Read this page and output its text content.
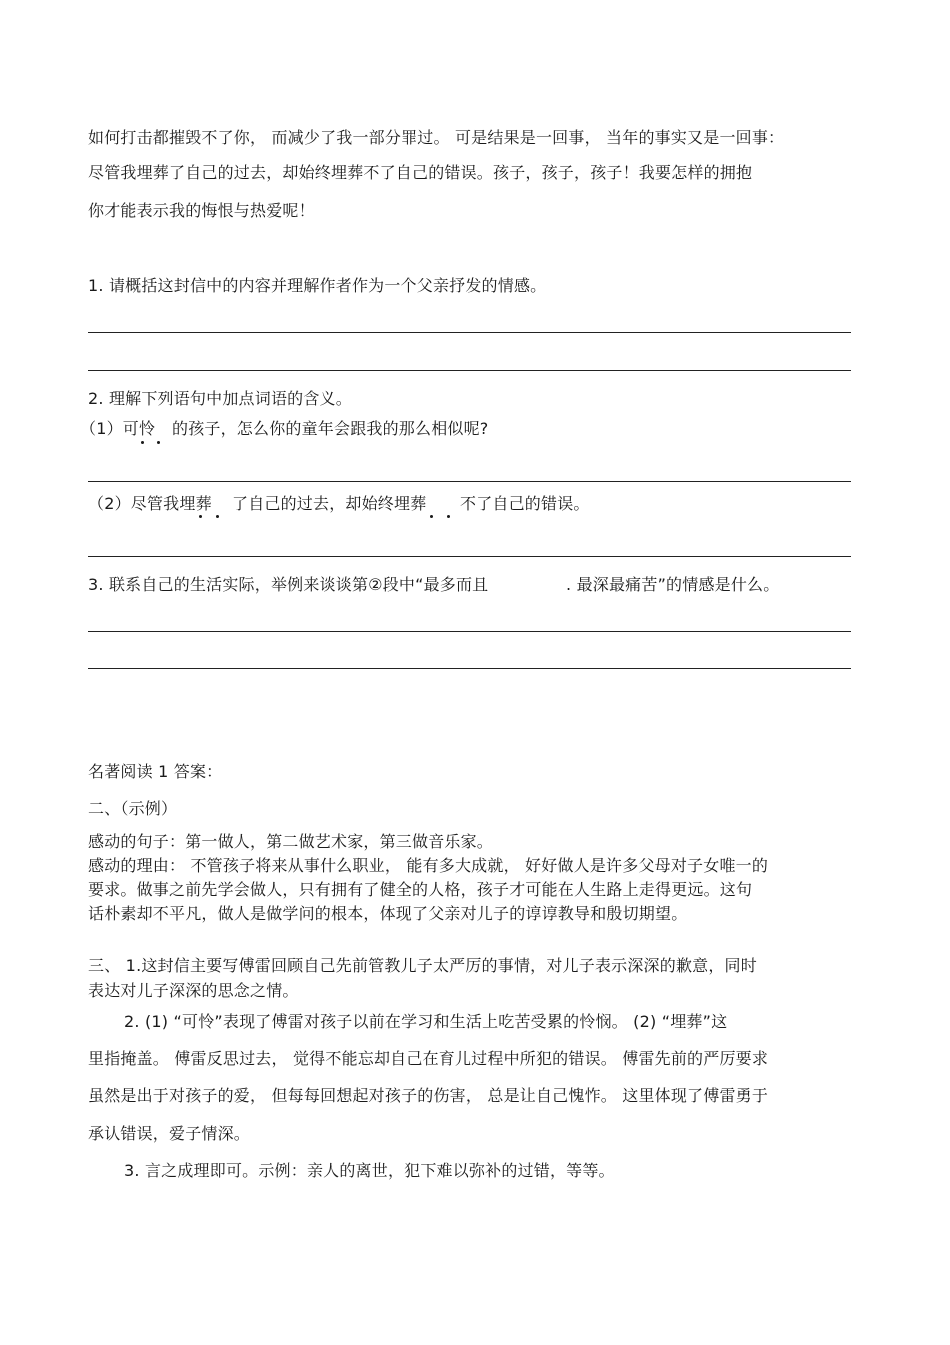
如何打击都摧毁不了你， 而减少了我一部分罪过。 可是结果是一回事， 当年的事实又是一回事：
尽管我埋葬了自己的过去，却始终埋葬不了自己的错误。孩子，孩子，孩子！我要怎样的拥抱
你才能表示我的悔恨与热爱呢！
1. 请概括这封信中的内容并理解作者作为一个父亲抒发的情感。
2. 理解下列语句中加点词语的含义。
（1）可怜 的孩子，怎么你的童年会跟我的那么相似呢?
（2）尽管我埋葬 了自己的过去，却始终埋葬 不了自己的错误。
3. 联系自己的生活实际，举例来谈谈第②段中“最多而且	. 最深最痛苦”的情感是什么。
名著阅读 1 答案：
二、（示例）
感动的句子：第一做人，第二做艺术家，第三做音乐家。
感动的理由： 不管孩子将来从事什么职业， 能有多大成就， 好好做人是许多父母对子女唯一的
要求。做事之前先学会做人，只有拥有了健全的人格，孩子才可能在人生路上走得更远。这句
话朴素却不平凡，做人是做学问的根本，体现了父亲对儿子的谆谆教导和殷切期望。
三、 1.这封信主要写傅雷回顾自己先前管教儿子太严厉的事情，对儿子表示深深的歉意，同时
表达对儿子深深的思念之情。
2. (1) “可怜”表现了傅雷对孩子以前在学习和生活上吃苦受累的怜悯。 (2) “埋葬”这
里指掩盖。 傅雷反思过去， 觉得不能忘却自己在育儿过程中所犯的错误。 傅雷先前的严厉要求
虽然是出于对孩子的爱， 但每每回想起对孩子的伤害， 总是让自己愧怍。 这里体现了傅雷勇于
承认错误，爱子情深。
3. 言之成理即可。示例：亲人的离世，犯下难以弥补的过错，等等。
